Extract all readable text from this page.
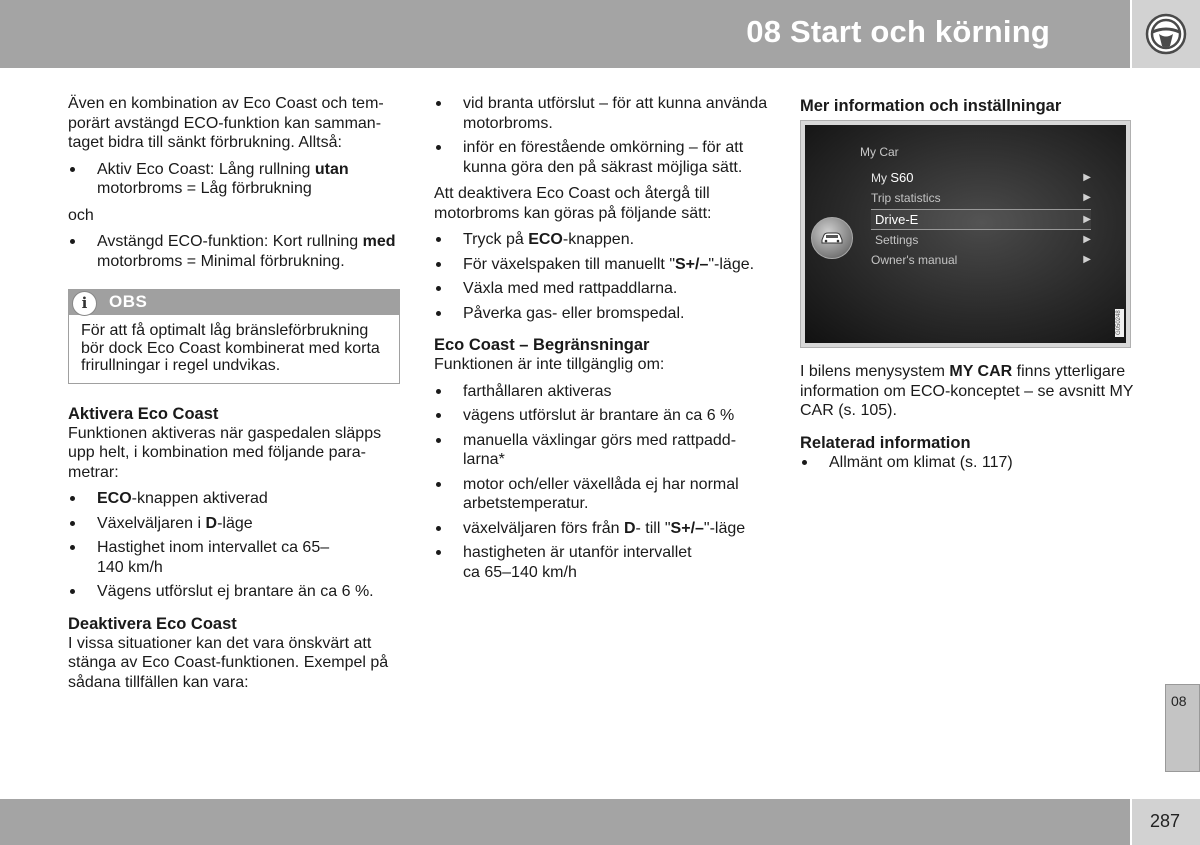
08 Start och körning

Även en kombination av Eco Coast och tem- porärt avstängd ECO-funktion kan samman- taget bidra till sänkt förbrukning. Alltså:

Aktiv Eco Coast: Lång rullning utan motorbroms = Låg förbrukning

och

Avstängd ECO-funktion: Kort rullning med motorbroms = Minimal förbrukning.
i	OBS
För att få optimalt låg bränsleförbrukning bör dock Eco Coast kombinerat med korta frirullningar i regel undvikas.
Aktivera Eco Coast

Funktionen aktiveras när gaspedalen släpps upp helt, i kombination med följande para- metrar:

ECO-knappen aktiverad
Växelväljaren i D-läge
Hastighet inom intervallet ca 65–140 km/h
Vägens utförslut ej brantare än ca 6 %.
Deaktivera Eco Coast

I vissa situationer kan det vara önskvärt att stänga av Eco Coast-funktionen. Exempel på sådana tillfällen kan vara:

vid branta utförslut – för att kunna använda motorbroms.
inför en förestående omkörning – för att kunna göra den på säkrast möjliga sätt.

Att deaktivera Eco Coast och återgå till motorbroms kan göras på följande sätt:

Tryck på ECO-knappen.
För växelspaken till manuellt "S+/–"-läge.
Växla med med rattpaddlarna.
Påverka gas- eller bromspedal.
Eco Coast – Begränsningar

Funktionen är inte tillgänglig om:

farthållaren aktiveras
vägens utförslut är brantare än ca 6 %
manuella växlingar görs med rattpadd- larna*
motor och/eller växellåda ej har normal arbetstemperatur.
växelväljaren förs från D- till "S+/–"-läge
hastigheten är utanför intervallet ca 65–140 km/h
Mer information och inställningar
My Car
My S60	▶
Trip statistics	▶
Drive-E	▶
Settings	▶
Owner's manual	▶
G050248

I bilens menysystem MY CAR finns ytterligare information om ECO-konceptet – se avsnitt MY CAR (s. 105).

Relaterad information
Allmänt om klimat (s. 117)
08
287
